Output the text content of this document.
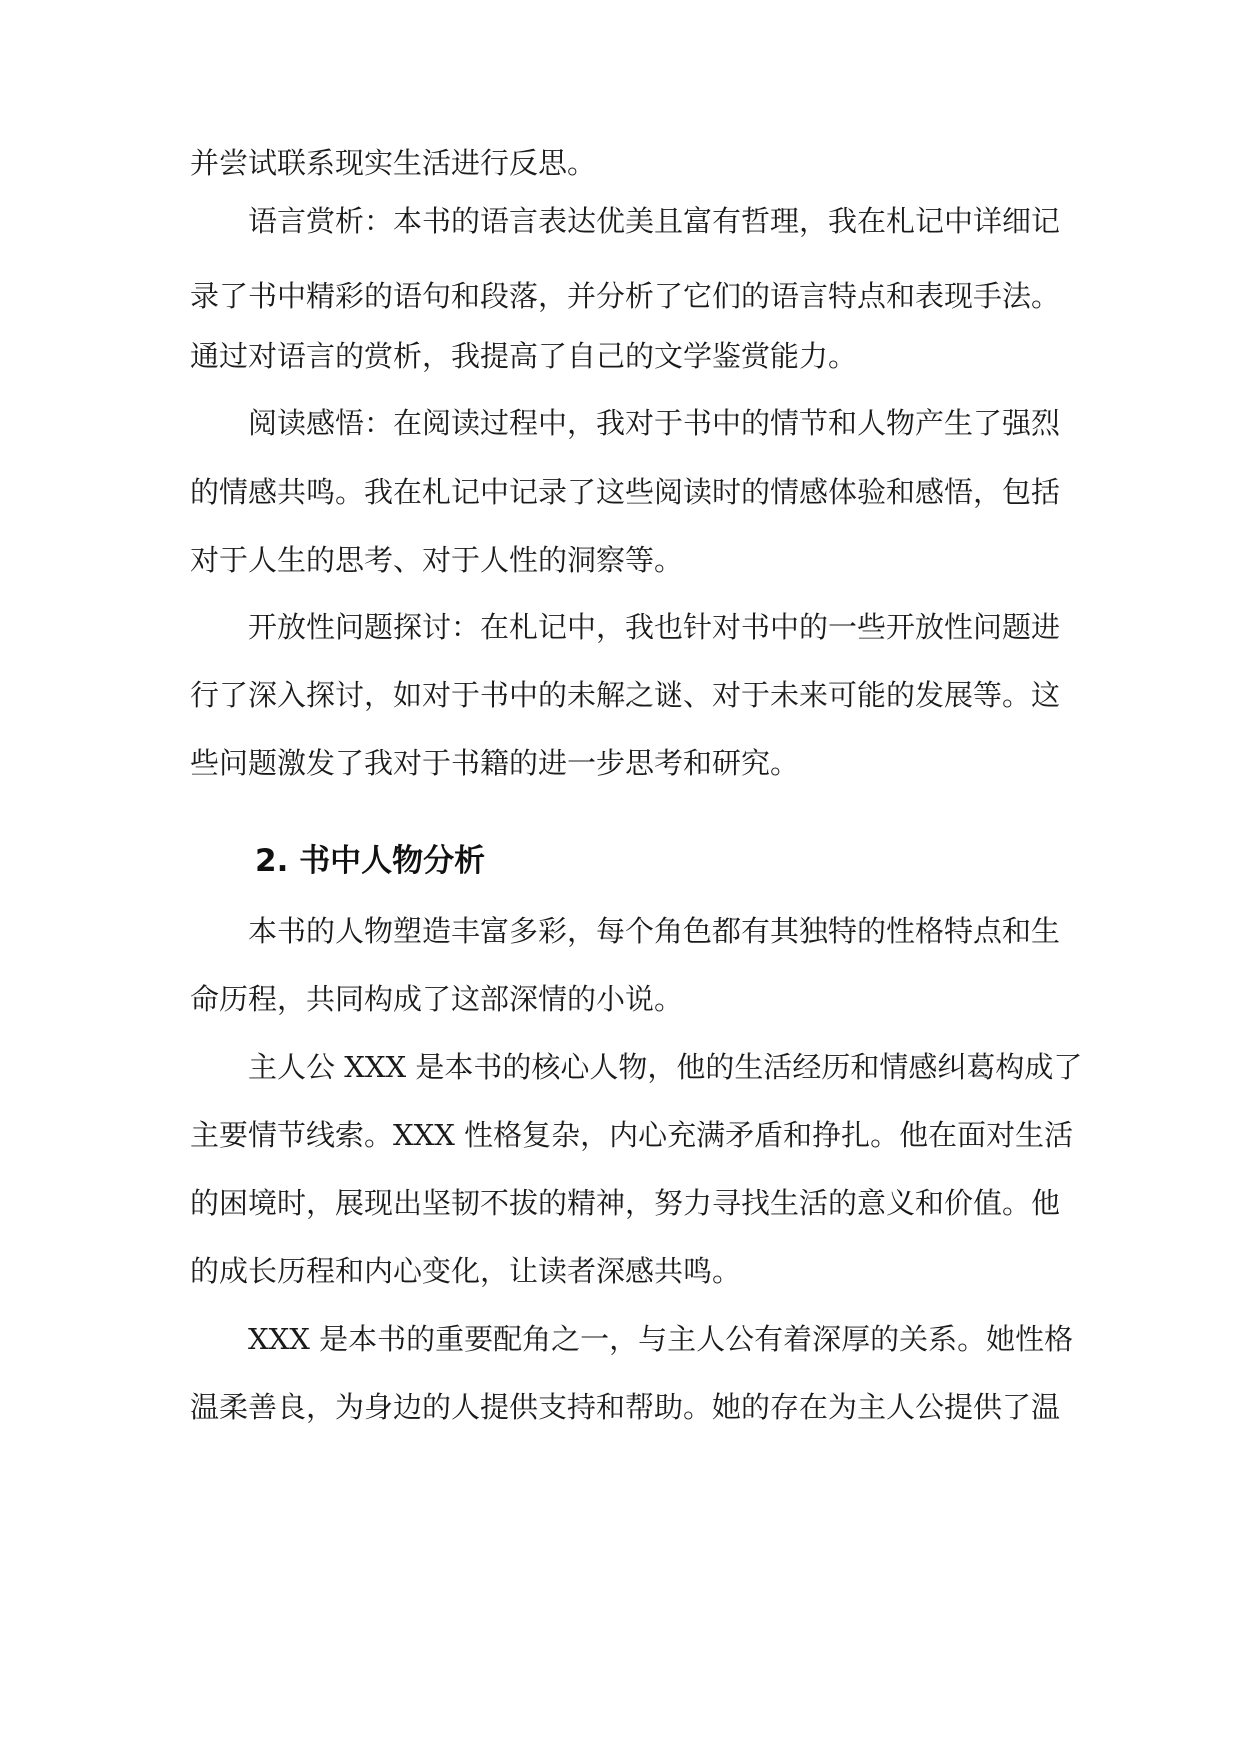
并尝试联系现实生活进行反思。
语言赏析：本书的语言表达优美且富有哲理，我在札记中详细记
录了书中精彩的语句和段落，并分析了它们的语言特点和表现手法。
通过对语言的赏析，我提高了自己的文学鉴赏能力。
阅读感悟：在阅读过程中，我对于书中的情节和人物产生了强烈
的情感共鸣。我在札记中记录了这些阅读时的情感体验和感悟，包括
对于人生的思考、对于人性的洞察等。
开放性问题探讨：在札记中，我也针对书中的一些开放性问题进
行了深入探讨，如对于书中的未解之谜、对于未来可能的发展等。这
些问题激发了我对于书籍的进一步思考和研究。
2. 书中人物分析
本书的人物塑造丰富多彩，每个角色都有其独特的性格特点和生
命历程，共同构成了这部深情的小说。
主人公 XXX 是本书的核心人物，他的生活经历和情感纠葛构成了
主要情节线索。XXX 性格复杂，内心充满矛盾和挣扎。他在面对生活
的困境时，展现出坚韧不拔的精神，努力寻找生活的意义和价值。他
的成长历程和内心变化，让读者深感共鸣。
XXX 是本书的重要配角之一，与主人公有着深厚的关系。她性格
温柔善良，为身边的人提供支持和帮助。她的存在为主人公提供了温
